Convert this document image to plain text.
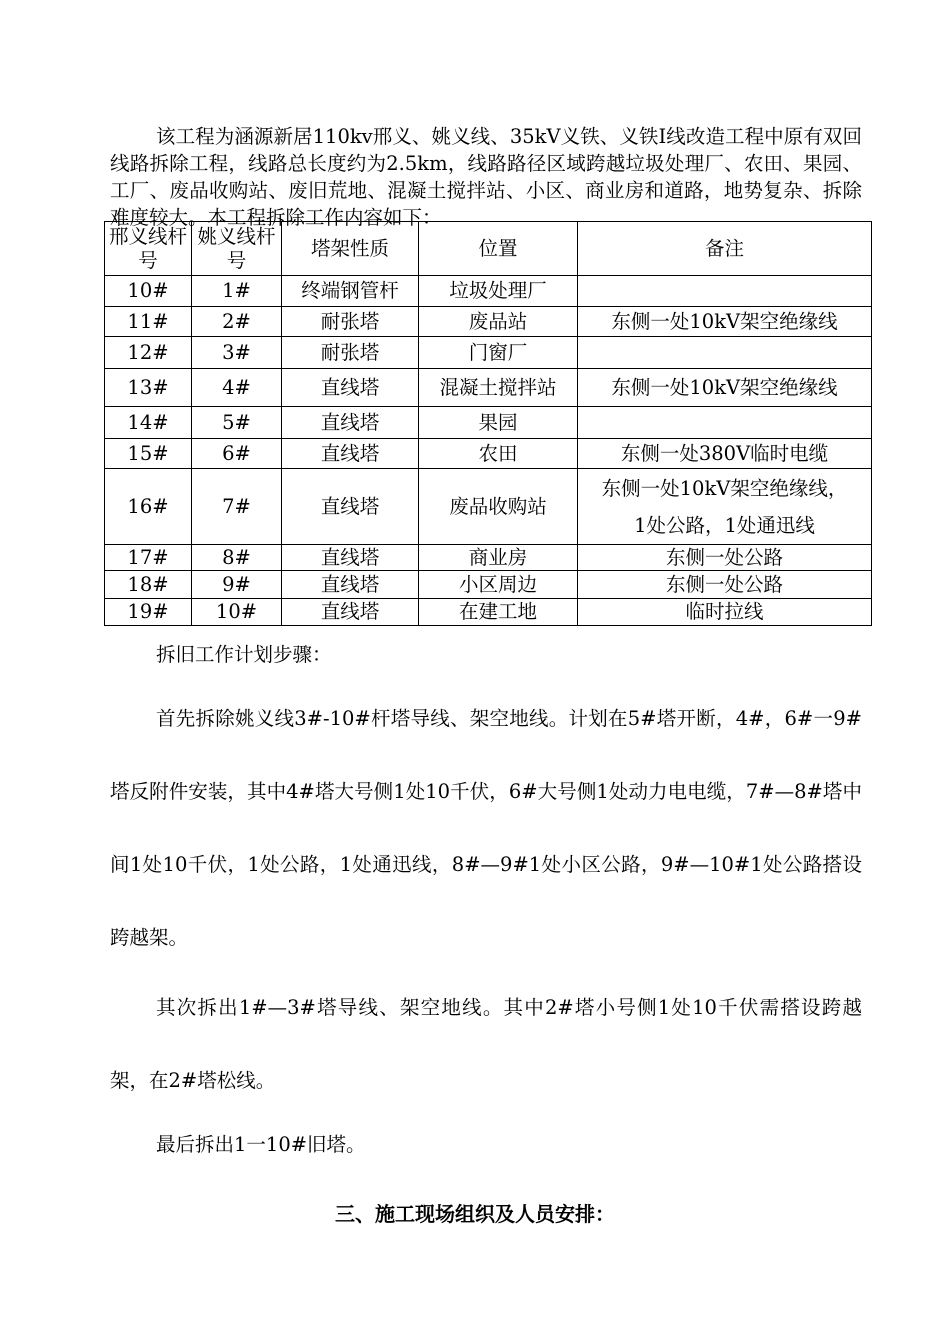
该工程为涵源新居110kv邢义、姚义线、35kV义铁、义铁Ⅰ线改造工程中原有双回线路拆除工程，线路总长度约为2.5km，线路路径区域跨越垃圾处理厂、农田、果园、工厂、废品收购站、废旧荒地、混凝土搅拌站、小区、商业房和道路，地势复杂、拆除难度较大。本工程拆除工作内容如下：

邢义线杆号	姚义线杆号	塔架性质	位置	备注
10#	1#	终端钢管杆	垃圾处理厂	
11#	2#	耐张塔	废品站	东侧一处10kV架空绝缘线
12#	3#	耐张塔	门窗厂	
13#	4#	直线塔	混凝土搅拌站	东侧一处10kV架空绝缘线
14#	5#	直线塔	果园	
15#	6#	直线塔	农田	东侧一处380V临时电缆
16#	7#	直线塔	废品收购站	东侧一处10kV架空绝缘线，1处公路，1处通迅线
17#	8#	直线塔	商业房	东侧一处公路
18#	9#	直线塔	小区周边	东侧一处公路
19#	10#	直线塔	在建工地	临时拉线

拆旧工作计划步骤：

首先拆除姚义线3#-10#杆塔导线、架空地线。计划在5#塔开断，4#，6#一9#塔反附件安装，其中4#塔大号侧1处10千伏，6#大号侧1处动力电电缆，7#—8#塔中间1处10千伏，1处公路，1处通迅线，8#—9#1处小区公路，9#—10#1处公路搭设跨越架。

其次拆出1#—3#塔导线、架空地线。其中2#塔小号侧1处10千伏需搭设跨越架，在2#塔松线。

最后拆出1一10#旧塔。

三、施工现场组织及人员安排：
